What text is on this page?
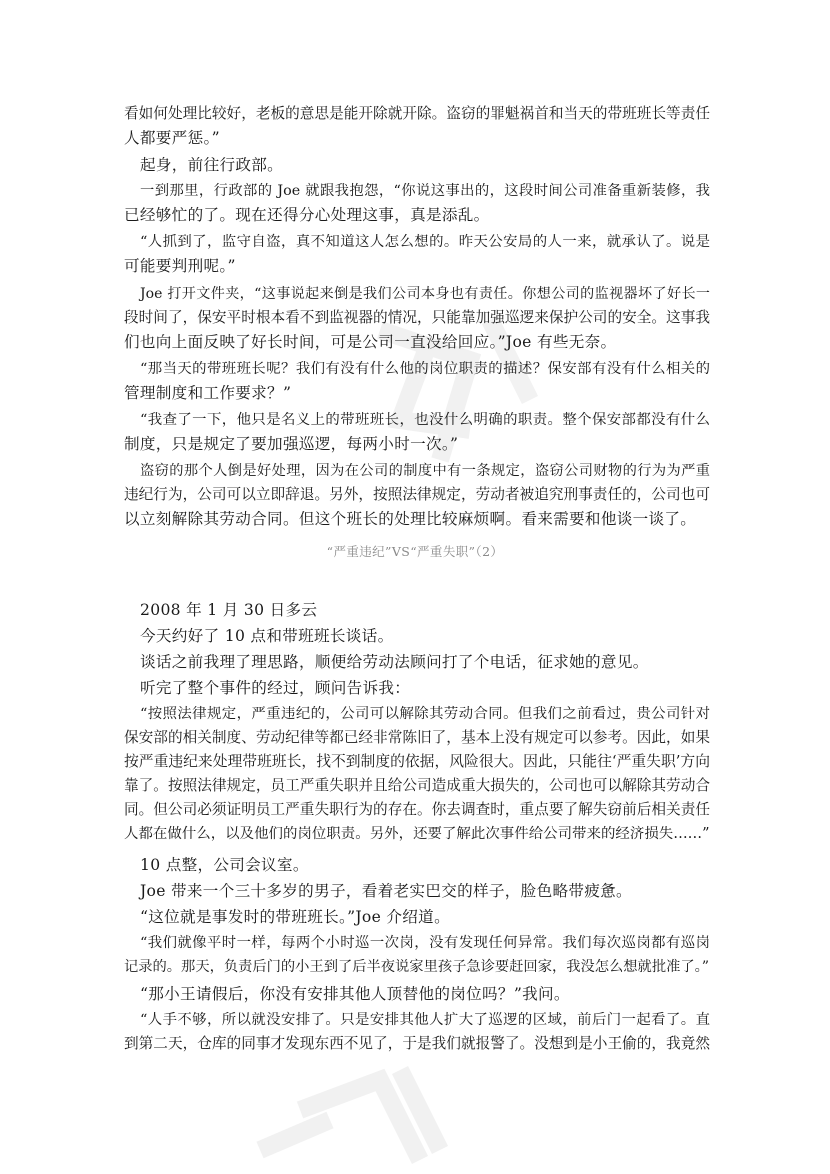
看如何处理比较好，老板的意思是能开除就开除。盗窃的罪魁祸首和当天的带班班长等责任
人都要严惩。”

起身，前往行政部。

一到那里，行政部的 Joe 就跟我抱怨，“你说这事出的，这段时间公司准备重新装修，我
已经够忙的了。现在还得分心处理这事，真是添乱。

“人抓到了，监守自盗，真不知道这人怎么想的。昨天公安局的人一来，就承认了。说是
可能要判刑呢。”

Joe 打开文件夹，“这事说起来倒是我们公司本身也有责任。你想公司的监视器坏了好长一
段时间了，保安平时根本看不到监视器的情况，只能靠加强巡逻来保护公司的安全。这事我
们也向上面反映了好长时间，可是公司一直没给回应。”Joe 有些无奈。

“那当天的带班班长呢？我们有没有什么他的岗位职责的描述？保安部有没有什么相关的
管理制度和工作要求？”

“我查了一下，他只是名义上的带班班长，也没什么明确的职责。整个保安部都没有什么
制度，只是规定了要加强巡逻，每两小时一次。”

盗窃的那个人倒是好处理，因为在公司的制度中有一条规定，盗窃公司财物的行为为严重
违纪行为，公司可以立即辞退。另外，按照法律规定，劳动者被追究刑事责任的，公司也可
以立刻解除其劳动合同。但这个班长的处理比较麻烦啊。看来需要和他谈一谈了。

“严重违纪”VS“严重失职”（2）

2008 年 1 月 30 日多云

今天约好了 10 点和带班班长谈话。

谈话之前我理了理思路，顺便给劳动法顾问打了个电话，征求她的意见。

听完了整个事件的经过，顾问告诉我：

“按照法律规定，严重违纪的，公司可以解除其劳动合同。但我们之前看过，贵公司针对
保安部的相关制度、劳动纪律等都已经非常陈旧了，基本上没有规定可以参考。因此，如果
按严重违纪来处理带班班长，找不到制度的依据，风险很大。因此，只能往‘严重失职’方向
靠了。按照法律规定，员工严重失职并且给公司造成重大损失的，公司也可以解除其劳动合
同。但公司必须证明员工严重失职行为的存在。你去调查时，重点要了解失窃前后相关责任
人都在做什么，以及他们的岗位职责。另外，还要了解此次事件给公司带来的经济损失……”

10 点整，公司会议室。

Joe 带来一个三十多岁的男子，看着老实巴交的样子，脸色略带疲惫。

“这位就是事发时的带班班长。”Joe 介绍道。

“我们就像平时一样，每两个小时巡一次岗，没有发现任何异常。我们每次巡岗都有巡岗
记录的。那天，负责后门的小王到了后半夜说家里孩子急诊要赶回家，我没怎么想就批准了。”

“那小王请假后，你没有安排其他人顶替他的岗位吗？”我问。

“人手不够，所以就没安排了。只是安排其他人扩大了巡逻的区域，前后门一起看了。直
到第二天，仓库的同事才发现东西不见了，于是我们就报警了。没想到是小王偷的，我竟然
